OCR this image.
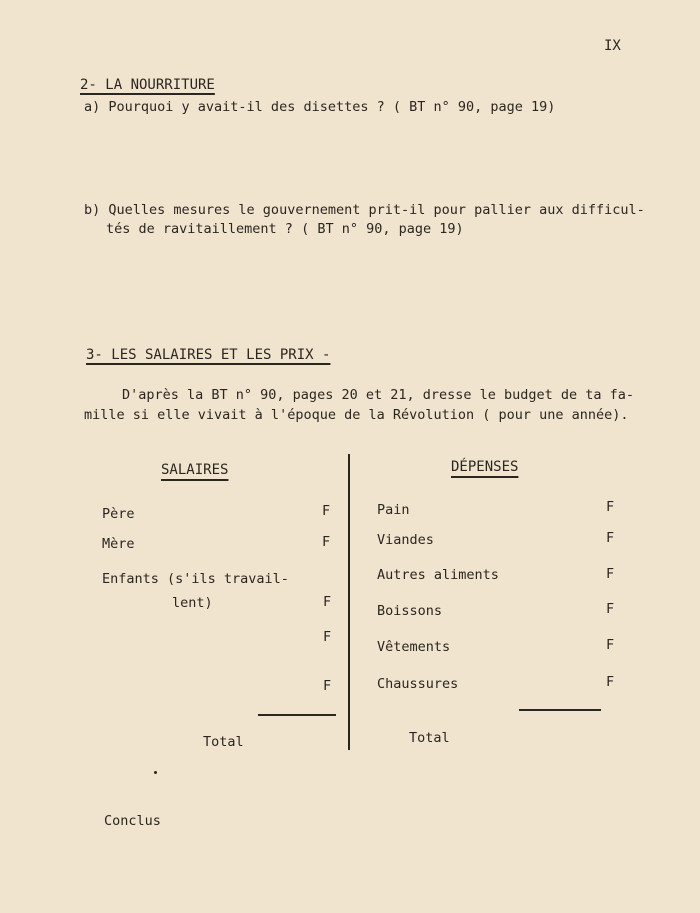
IX
2- LA NOURRITURE
a) Pourquoi y avait-il des disettes ? ( BT n° 90, page 19)
b) Quelles mesures le gouvernement prit-il pour pallier aux difficul-
tés de ravitaillement ? ( BT n° 90, page 19)
3- LES SALAIRES ET LES PRIX -
D'après la BT n° 90, pages 20 et 21, dresse le budget de ta fa-
mille si elle vivait à l'époque de la Révolution ( pour une année).
SALAIRES	DÉPENSES
Père
Mère
Enfants (s'ils travail-
lent)
F
F
F
F
F
Total
Pain
Viandes
Autres aliments
Boissons
Vêtements
Chaussures
F
F
F
F
F
F
Total
Conclus
